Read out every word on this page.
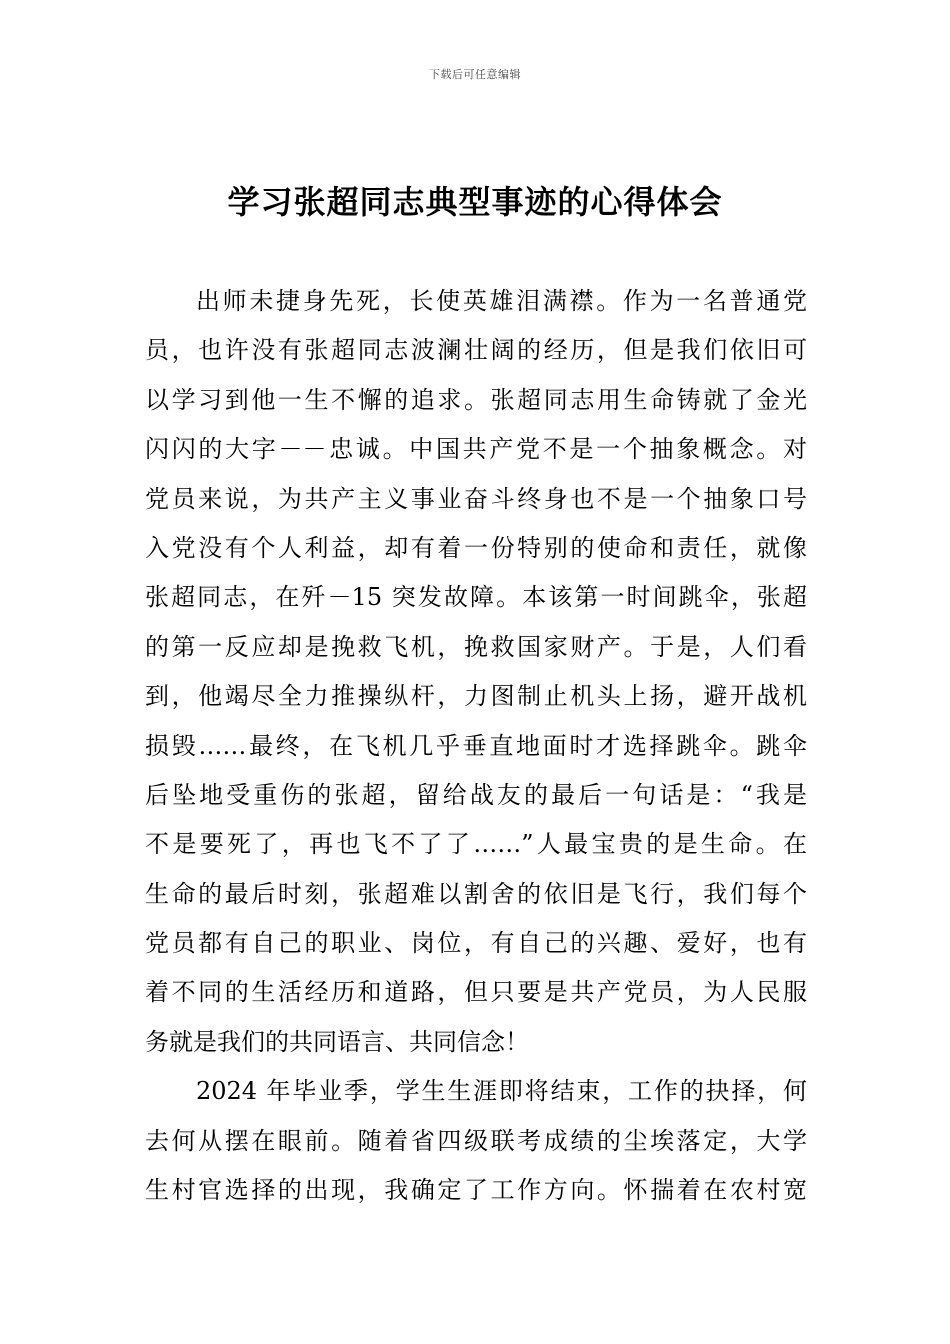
下载后可任意编辑
学习张超同志典型事迹的心得体会
出师未捷身先死，长使英雄泪满襟。作为一名普通党
员，也许没有张超同志波澜壮阔的经历，但是我们依旧可
以学习到他一生不懈的追求。张超同志用生命铸就了金光
闪闪的大字－－忠诚。中国共产党不是一个抽象概念。对
党员来说，为共产主义事业奋斗终身也不是一个抽象口号
入党没有个人利益，却有着一份特别的使命和责任，就像
张超同志，在歼－15 突发故障。本该第一时间跳伞，张超
的第一反应却是挽救飞机，挽救国家财产。于是，人们看
到，他竭尽全力推操纵杆，力图制止机头上扬，避开战机
损毁……最终，在飞机几乎垂直地面时才选择跳伞。跳伞
后坠地受重伤的张超，留给战友的最后一句话是：“我是
不是要死了，再也飞不了了……”人最宝贵的是生命。在
生命的最后时刻，张超难以割舍的依旧是飞行，我们每个
党员都有自己的职业、岗位，有自己的兴趣、爱好，也有
着不同的生活经历和道路，但只要是共产党员，为人民服
务就是我们的共同语言、共同信念！
2024 年毕业季，学生生涯即将结束，工作的抉择，何
去何从摆在眼前。随着省四级联考成绩的尘埃落定，大学
生村官选择的出现，我确定了工作方向。怀揣着在农村宽
